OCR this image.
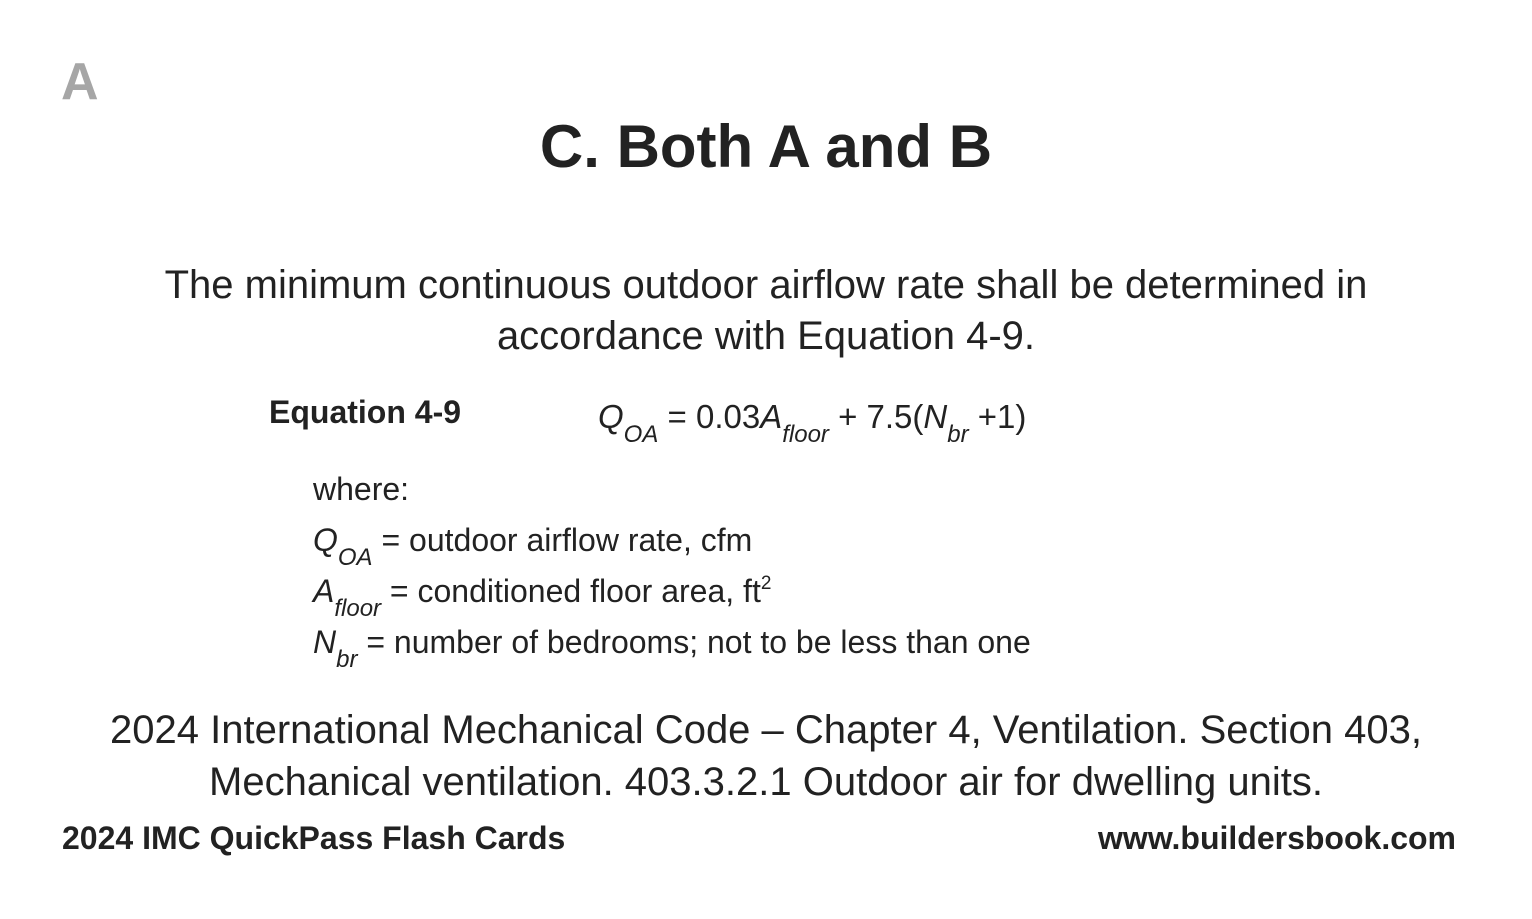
A
C. Both A and B
The minimum continuous outdoor airflow rate shall be determined in accordance with Equation 4-9.
Equation 4-9	$Q_{OA} = 0.03A_{floor} + 7.5(N_{br} +1)$
where:
$Q_{OA}$ = outdoor airflow rate, cfm
$A_{floor}$ = conditioned floor area, $ft^2$
$N_{br}$ = number of bedrooms; not to be less than one
2024 International Mechanical Code – Chapter 4, Ventilation. Section 403, Mechanical ventilation. 403.3.2.1 Outdoor air for dwelling units.
2024 IMC QuickPass Flash Cards	www.buildersbook.com
